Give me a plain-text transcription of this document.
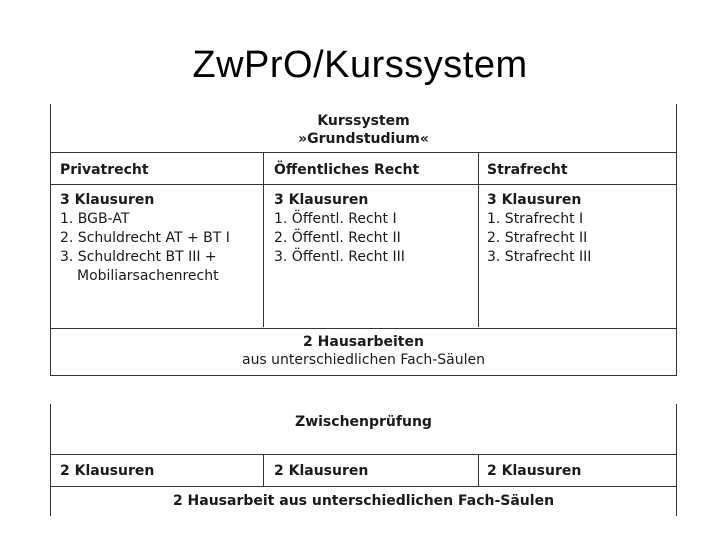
ZwPrO/Kurssystem
Kurssystem
»Grundstudium«
Privatrecht
3 Klausuren
1. BGB-AT
2. Schuldrecht AT + BT I
3. Schuldrecht BT III +
Mobiliarsachenrecht
Öffentliches Recht
3 Klausuren
1. Öffentl. Recht I
2. Öffentl. Recht II
3. Öffentl. Recht III
Strafrecht
3 Klausuren
1. Strafrecht I
2. Strafrecht II
3. Strafrecht III
2 Hausarbeiten
aus unterschiedlichen Fach-Säulen
Zwischenprüfung
2 Klausuren	2 Klausuren	2 Klausuren
2 Hausarbeit aus unterschiedlichen Fach-Säulen
